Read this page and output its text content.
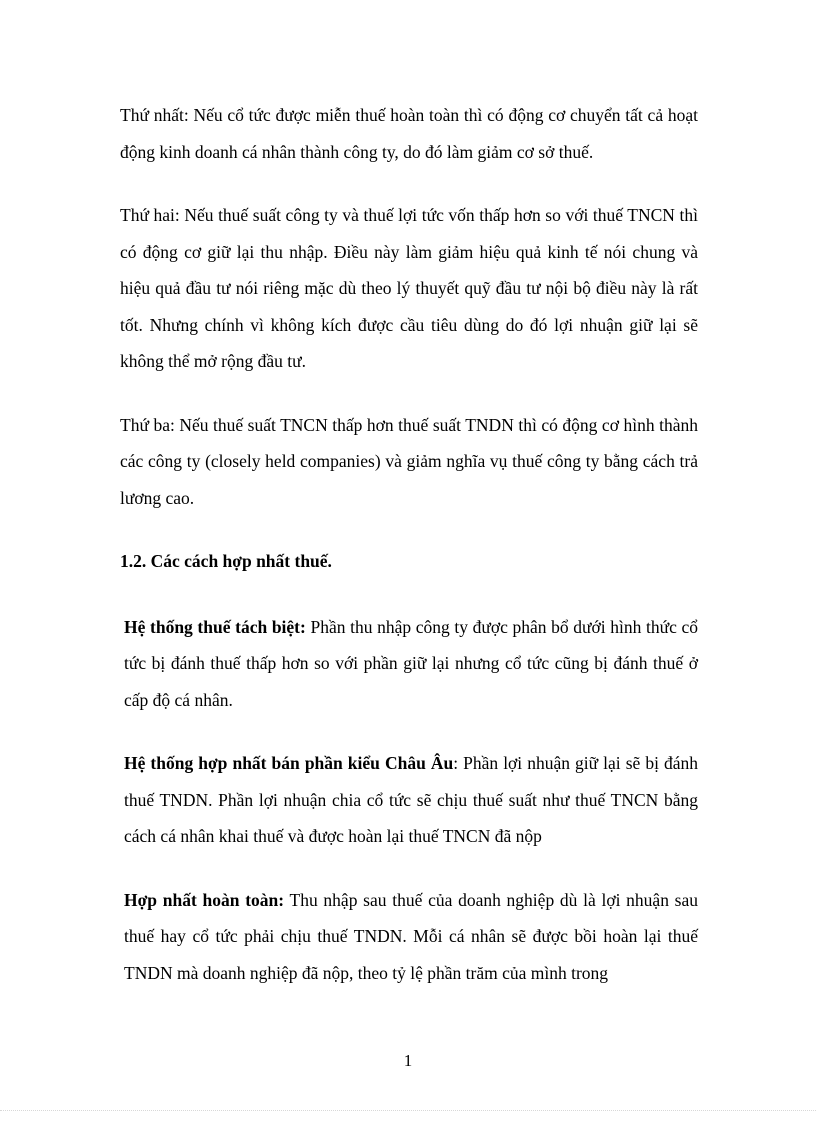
Thứ nhất: Nếu cổ tức được miễn thuế hoàn toàn thì có động cơ chuyển tất cả hoạt động kinh doanh cá nhân thành công ty, do đó làm giảm cơ sở thuế.

Thứ hai: Nếu thuế suất công ty và thuế lợi tức vốn thấp hơn so với thuế TNCN thì có động cơ giữ lại thu nhập. Điều này làm giảm hiệu quả kinh tế nói chung và hiệu quả đầu tư nói riêng mặc dù theo lý thuyết quỹ đầu tư nội bộ điều này là rất tốt. Nhưng chính vì không kích được cầu tiêu dùng do đó lợi nhuận giữ lại sẽ không thể mở rộng đầu tư.

Thứ ba: Nếu thuế suất TNCN thấp hơn thuế suất TNDN thì có động cơ hình thành các công ty (closely held companies) và giảm nghĩa vụ thuế công ty bằng cách trả lương cao.

1.2. Các cách hợp nhất thuế.

Hệ thống thuế tách biệt: Phần thu nhập công ty được phân bổ dưới hình thức cổ tức bị đánh thuế thấp hơn so với phần giữ lại nhưng cổ tức cũng bị đánh thuế ở cấp độ cá nhân.

Hệ thống hợp nhất bán phần kiểu Châu Âu: Phần lợi nhuận giữ lại sẽ bị đánh thuế TNDN. Phần lợi nhuận chia cổ tức sẽ chịu thuế suất như thuế TNCN bằng cách cá nhân khai thuế và được hoàn lại thuế TNCN đã nộp

Hợp nhất hoàn toàn: Thu nhập sau thuế của doanh nghiệp dù là lợi nhuận sau thuế hay cổ tức phải chịu thuế TNDN. Mỗi cá nhân sẽ được bồi hoàn lại thuế TNDN mà doanh nghiệp đã nộp, theo tỷ lệ phần trăm của mình trong

1
